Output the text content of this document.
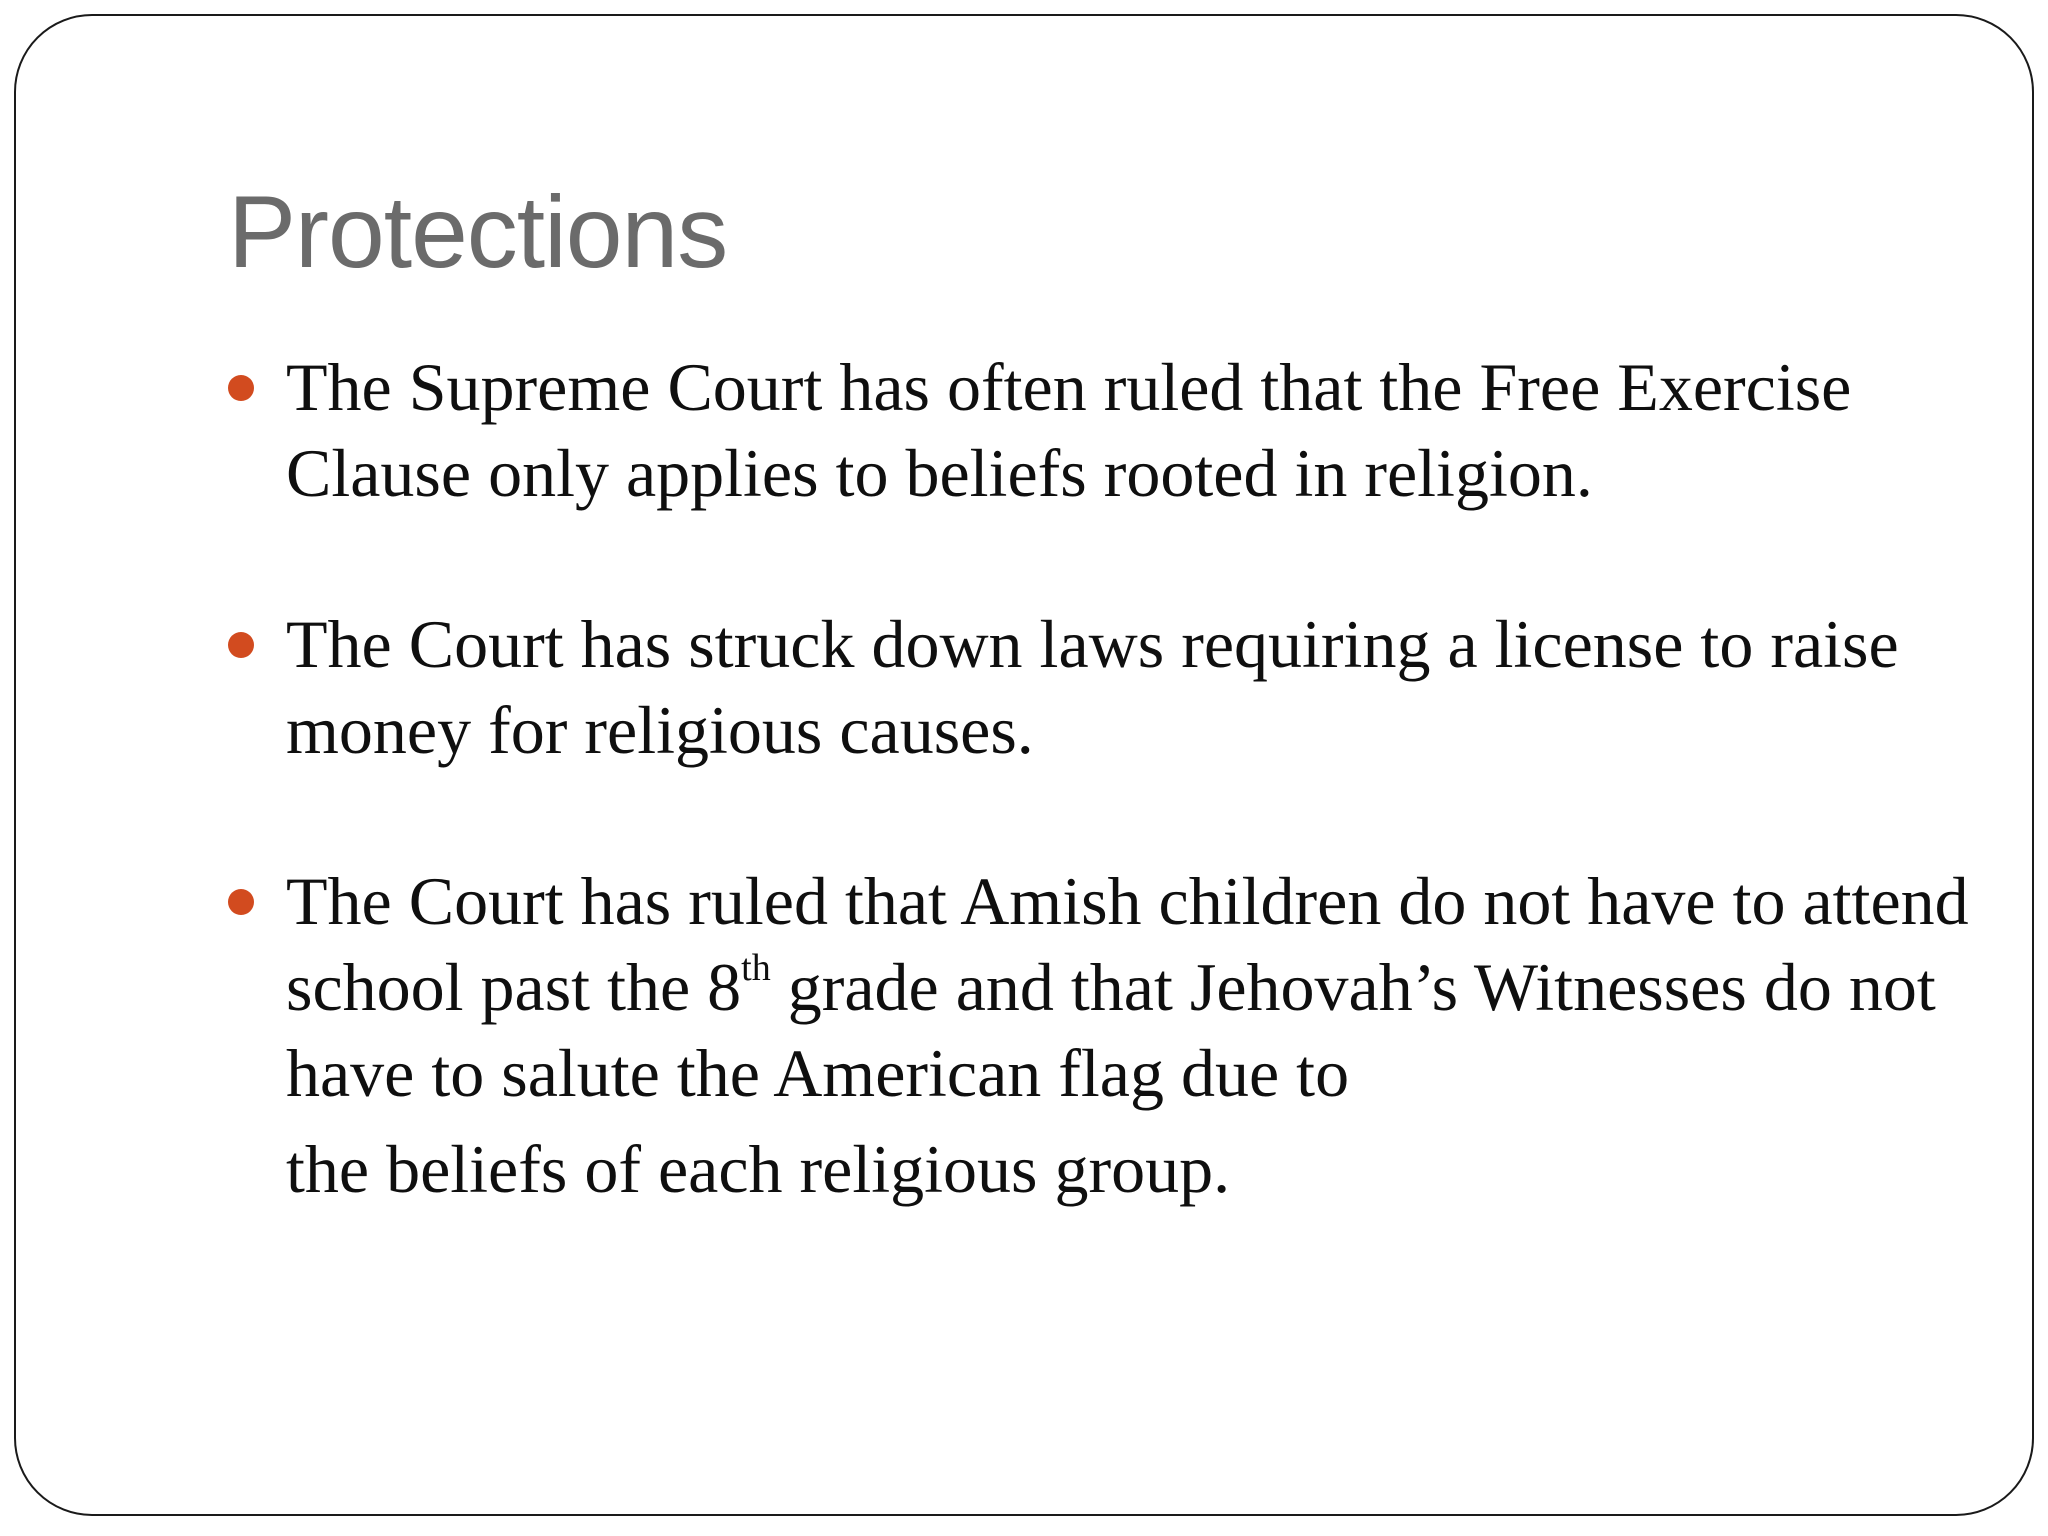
Protections
The Supreme Court has often ruled that the Free Exercise Clause only applies to beliefs rooted in religion.
The Court has struck down laws requiring a license to raise money for religious causes.
The Court has ruled that Amish children do not have to attend school past the 8th grade and that Jehovah’s Witnesses do not have to salute the American flag due to
the beliefs of each religious group.
